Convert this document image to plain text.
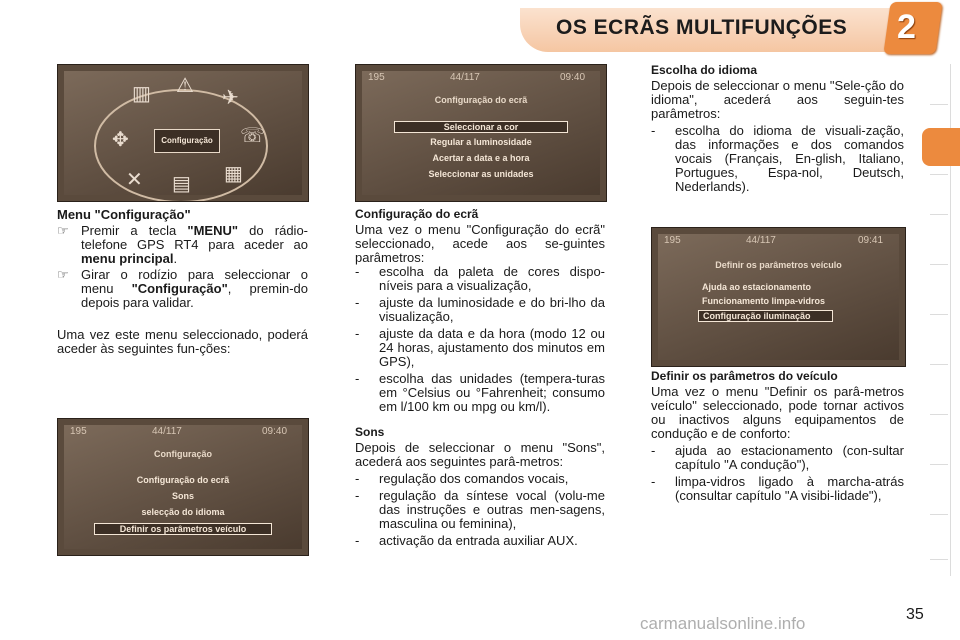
OS ECRÃS MULTIFUNÇÕES 2
▥ ⚠
✈
✥	☏
✕ ▤ ▦
Configuração
195	44/117	09:40
Configuração do ecrã
Seleccionar a cor
Regular a luminosidade
Acertar a data e a hora
Seleccionar as unidades
195	44/117	09:40
Configuração
Configuração do ecrã
Sons
selecção do idioma
Definir os parâmetros veículo
195	44/117	09:41
Definir os parâmetros veículo
Ajuda ao estacionamento
Funcionamento limpa-vidros
Configuração iluminação
Menu "Configuração"
☞ Premir a tecla "MENU" do rádio-telefone GPS RT4 para aceder ao menu principal.
☞ Girar o rodízio para seleccionar o menu "Configuração", premin-do depois para validar.
Uma vez este menu seleccionado, poderá aceder às seguintes fun-ções:
Configuração do ecrã
Uma vez o menu "Configuração do ecrã" seleccionado, acede aos se-guintes parâmetros:
- escolha da paleta de cores dispo-níveis para a visualização,
- ajuste da luminosidade e do bri-lho da visualização,
- ajuste da data e da hora (modo 12 ou 24 horas, ajustamento dos minutos em GPS),
- escolha das unidades (tempera-turas em °Celsius ou °Fahrenheit; consumo em l/100 km ou mpg ou km/l).
Sons
Depois de seleccionar o menu "Sons", acederá aos seguintes parâ-metros:
- regulação dos comandos vocais,
- regulação da síntese vocal (volu-me das instruções e outras men-sagens, masculina ou feminina),
- activação da entrada auxiliar AUX.
Escolha do idioma
Depois de seleccionar o menu "Sele-ção do idioma", acederá aos seguin-tes parâmetros:
- escolha do idioma de visuali-zação, das informações e dos comandos vocais (Français, En-glish, Italiano, Portugues, Espa-nol, Deutsch, Nederlands).
Definir os parâmetros do veículo
Uma vez o menu "Definir os parâ-metros veículo" seleccionado, pode tornar activos ou inactivos alguns equipamentos de condução e de conforto:
- ajuda ao estacionamento (con-sultar capítulo "A condução"),
- limpa-vidros ligado à marcha-atrás (consultar capítulo "A visibi-lidade"),
carmanualsonline.info	35
